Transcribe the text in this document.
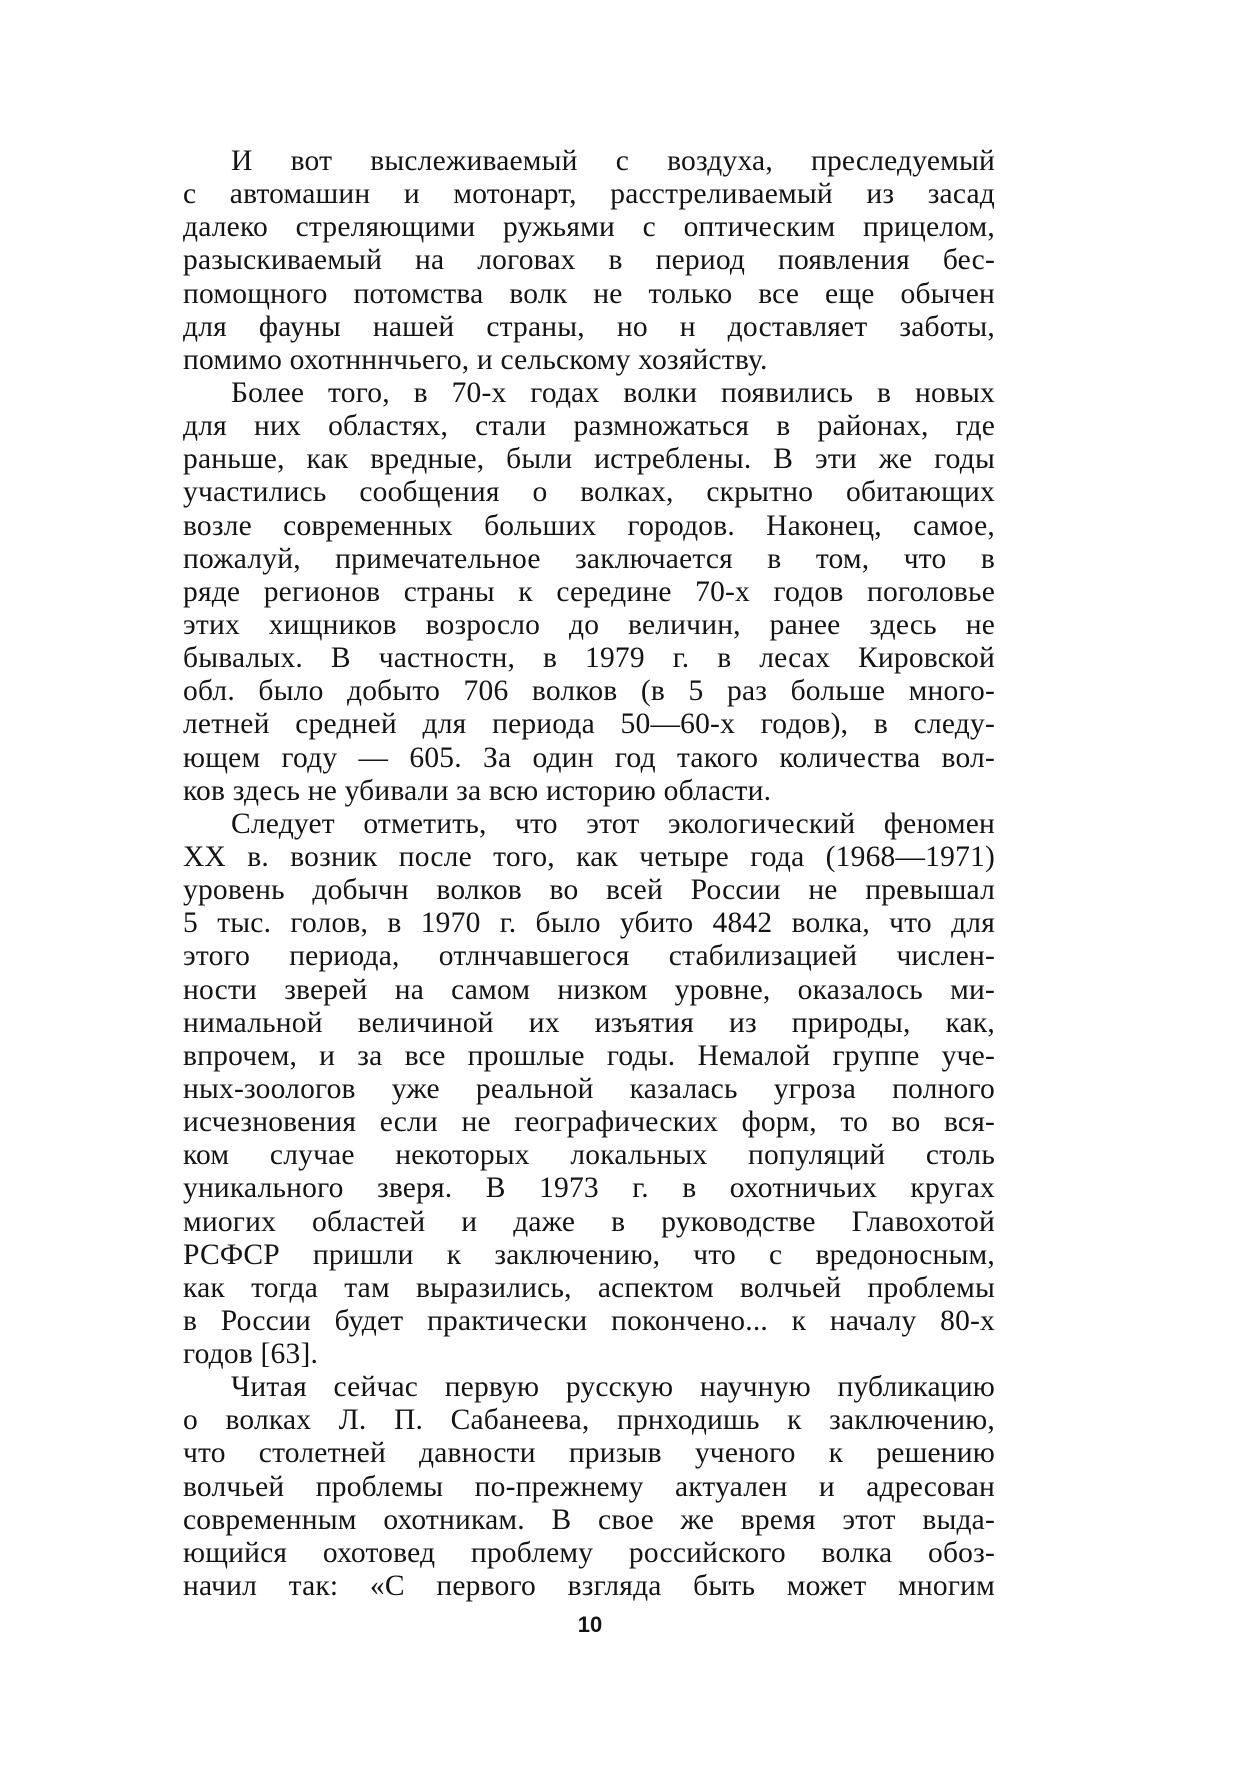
И вот выслеживаемый с воздуха, преследуемый
с автомашин и мотонарт, расстреливаемый из засад
далеко стреляющими ружьями с оптическим прицелом,
разыскиваемый на логовах в период появления бес-
помощного потомства волк не только все еще обычен
для фауны нашей страны, но н доставляет заботы,
помимо охотнннчьего, и сельскому хозяйству.
Более того, в 70-х годах волки появились в новых
для них областях, стали размножаться в районах, где
раньше, как вредные, были истреблены. В эти же годы
участились сообщения о волках, скрытно обитающих
возле современных больших городов. Наконец, самое,
пожалуй, примечательное заключается в том, что в
ряде регионов страны к середине 70-х годов поголовье
этих хищников возросло до величин, ранее здесь не
бывалых. В частностн, в 1979 г. в лесах Кировской
обл. было добыто 706 волков (в 5 раз больше много-
летней средней для периода 50—60-х годов), в следу-
ющем году — 605. За один год такого количества вол-
ков здесь не убивали за всю историю области.
Следует отметить, что этот экологический феномен
XX в. возник после того, как четыре года (1968—1971)
уровень добычн волков во всей России не превышал
5 тыс. голов, в 1970 г. было убито 4842 волка, что для
этого периода, отлнчавшегося стабилизацией числен-
ности зверей на самом низком уровне, оказалось ми-
нимальной величиной их изъятия из природы, как,
впрочем, и за все прошлые годы. Немалой группе уче-
ных-зоологов уже реальной казалась угроза полного
исчезновения если не географических форм, то во вся-
ком случае некоторых локальных популяций столь
уникального зверя. В 1973 г. в охотничьих кругах
миогих областей и даже в руководстве Главохотой
РСФСР пришли к заключению, что с вредоносным,
как тогда там выразились, аспектом волчьей проблемы
в России будет практически покончено... к началу 80-х
годов [63].
Читая сейчас первую русскую научную публикацию
о волках Л. П. Сабанеева, прнходишь к заключению,
что столетней давности призыв ученого к решению
волчьей проблемы по-прежнему актуален и адресован
современным охотникам. В свое же время этот выда-
ющийся охотовед проблему российского волка обоз-
начил так: «С первого взгляда быть может многим
10
